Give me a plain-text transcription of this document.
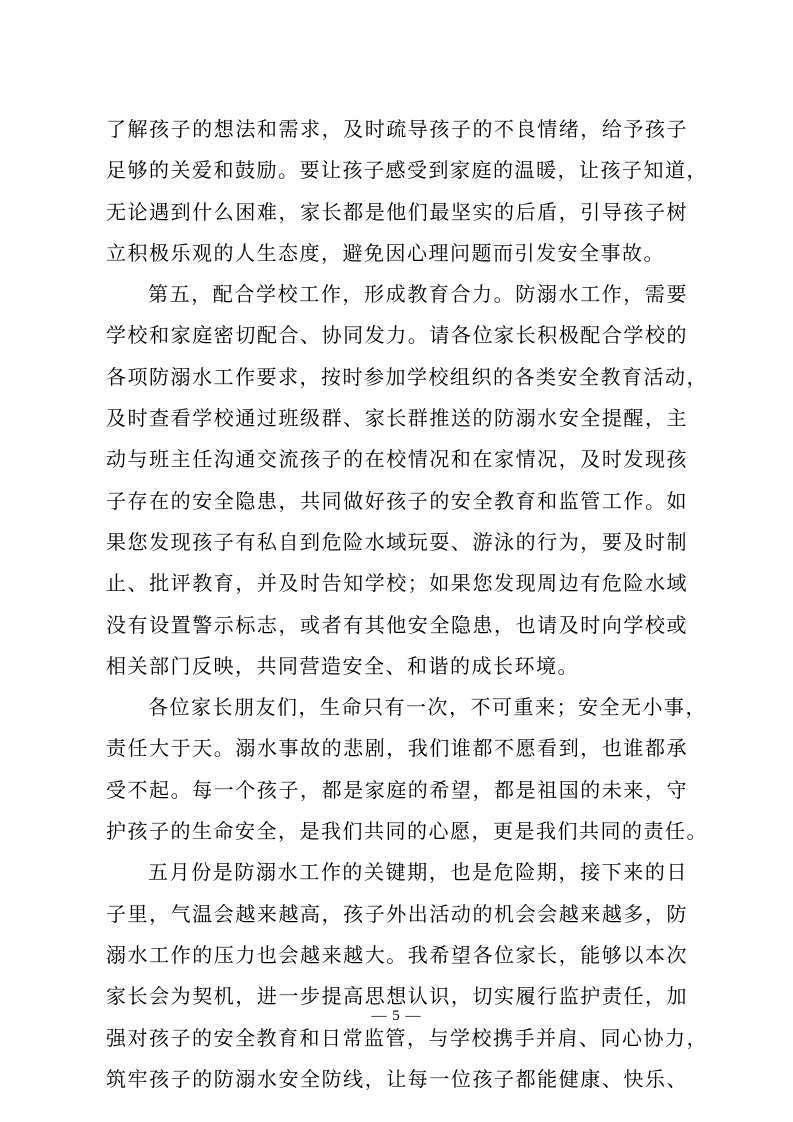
了解孩子的想法和需求，及时疏导孩子的不良情绪，给予孩子
足够的关爱和鼓励。要让孩子感受到家庭的温暖，让孩子知道，
无论遇到什么困难，家长都是他们最坚实的后盾，引导孩子树
立积极乐观的人生态度，避免因心理问题而引发安全事故。
第五，配合学校工作，形成教育合力。防溺水工作，需要
学校和家庭密切配合、协同发力。请各位家长积极配合学校的
各项防溺水工作要求，按时参加学校组织的各类安全教育活动，
及时查看学校通过班级群、家长群推送的防溺水安全提醒，主
动与班主任沟通交流孩子的在校情况和在家情况，及时发现孩
子存在的安全隐患，共同做好孩子的安全教育和监管工作。如
果您发现孩子有私自到危险水域玩耍、游泳的行为，要及时制
止、批评教育，并及时告知学校；如果您发现周边有危险水域
没有设置警示标志，或者有其他安全隐患，也请及时向学校或
相关部门反映，共同营造安全、和谐的成长环境。
各位家长朋友们，生命只有一次，不可重来；安全无小事，
责任大于天。溺水事故的悲剧，我们谁都不愿看到，也谁都承
受不起。每一个孩子，都是家庭的希望，都是祖国的未来，守
护孩子的生命安全，是我们共同的心愿，更是我们共同的责任。
五月份是防溺水工作的关键期，也是危险期，接下来的日
子里，气温会越来越高，孩子外出活动的机会会越来越多，防
溺水工作的压力也会越来越大。我希望各位家长，能够以本次
家长会为契机，进一步提高思想认识，切实履行监护责任，加
强对孩子的安全教育和日常监管，与学校携手并肩、同心协力，
筑牢孩子的防溺水安全防线，让每一位孩子都能健康、快乐、
— 5 —
